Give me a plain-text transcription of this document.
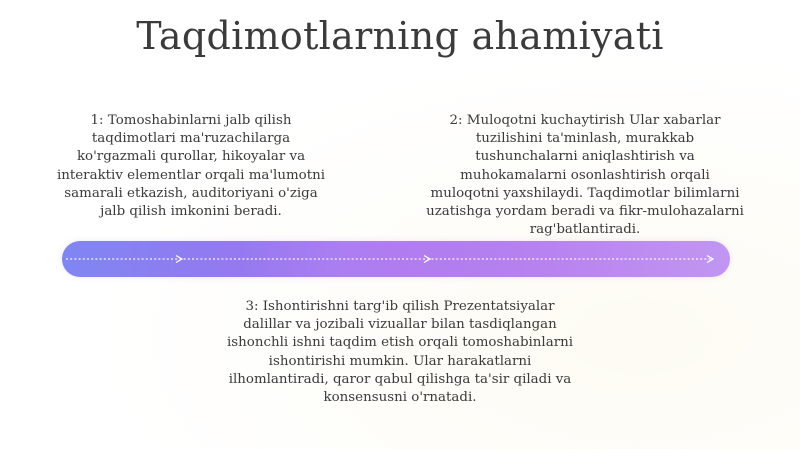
Taqdimotlarning ahamiyati
1: Tomoshabinlarni jalb qilish taqdimotlari ma'ruzachilarga ko'rgazmali qurollar, hikoyalar va interaktiv elementlar orqali ma'lumotni samarali etkazish, auditoriyani o'ziga jalb qilish imkonini beradi.
2: Muloqotni kuchaytirish Ular xabarlar tuzilishini ta'minlash, murakkab tushunchalarni aniqlashtirish va muhokamalarni osonlashtirish orqali muloqotni yaxshilaydi. Taqdimotlar bilimlarni uzatishga yordam beradi va fikr-mulohazalarni rag'batlantiradi.
3: Ishontirishni targ'ib qilish Prezentatsiyalar dalillar va jozibali vizuallar bilan tasdiqlangan ishonchli ishni taqdim etish orqali tomoshabinlarni ishontirishi mumkin. Ular harakatlarni ilhomlantiradi, qaror qabul qilishga ta'sir qiladi va konsensusni o'rnatadi.
